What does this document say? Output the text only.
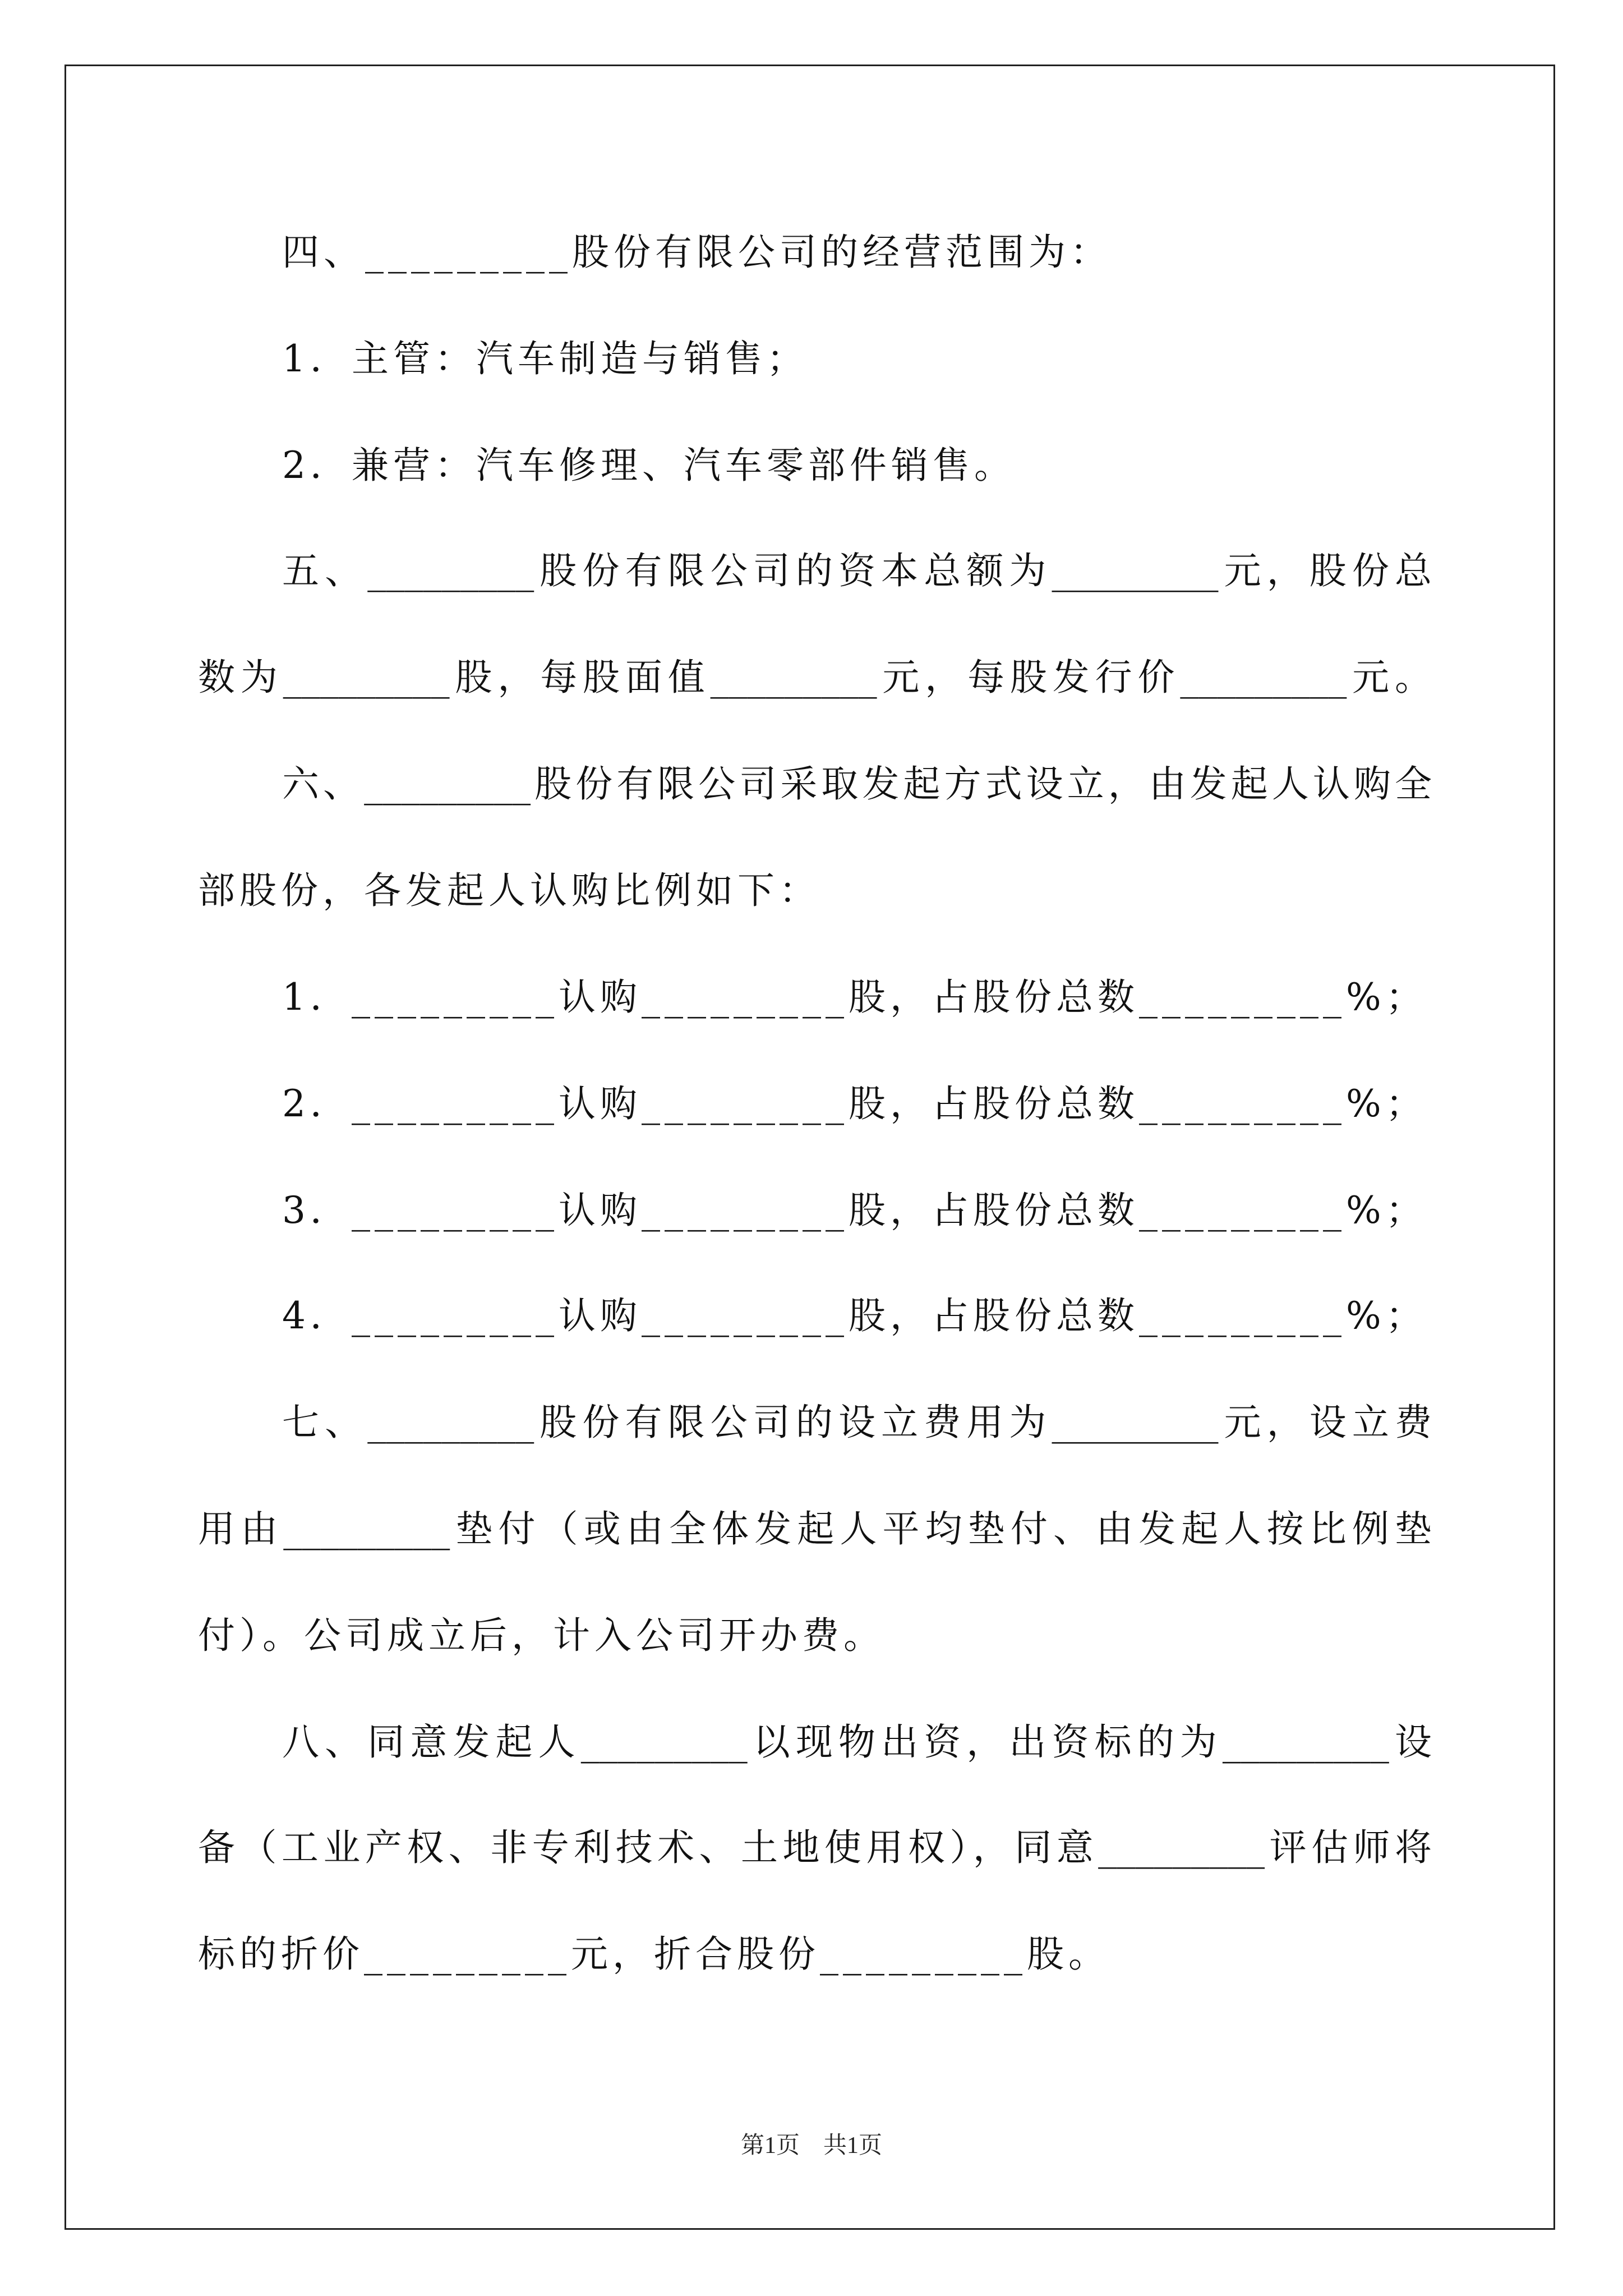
四、_________股份有限公司的经营范围为：
1．主管：汽车制造与销售；
2．兼营：汽车修理、汽车零部件销售。
五、_________股份有限公司的资本总额为_________元，股份总
数为_________股，每股面值_________元，每股发行价_________元。
六、_________股份有限公司采取发起方式设立，由发起人认购全
部股份，各发起人认购比例如下：
1．_________认购_________股，占股份总数_________%；
2．_________认购_________股，占股份总数_________%；
3．_________认购_________股，占股份总数_________%；
4．_________认购_________股，占股份总数_________%；
七、_________股份有限公司的设立费用为_________元，设立费
用由_________垫付（或由全体发起人平均垫付、由发起人按比例垫
付）。公司成立后，计入公司开办费。
八、同意发起人_________以现物出资，出资标的为_________设
备（工业产权、非专利技术、土地使用权），同意_________评估师将
标的折价_________元，折合股份_________股。
第1页　共1页
